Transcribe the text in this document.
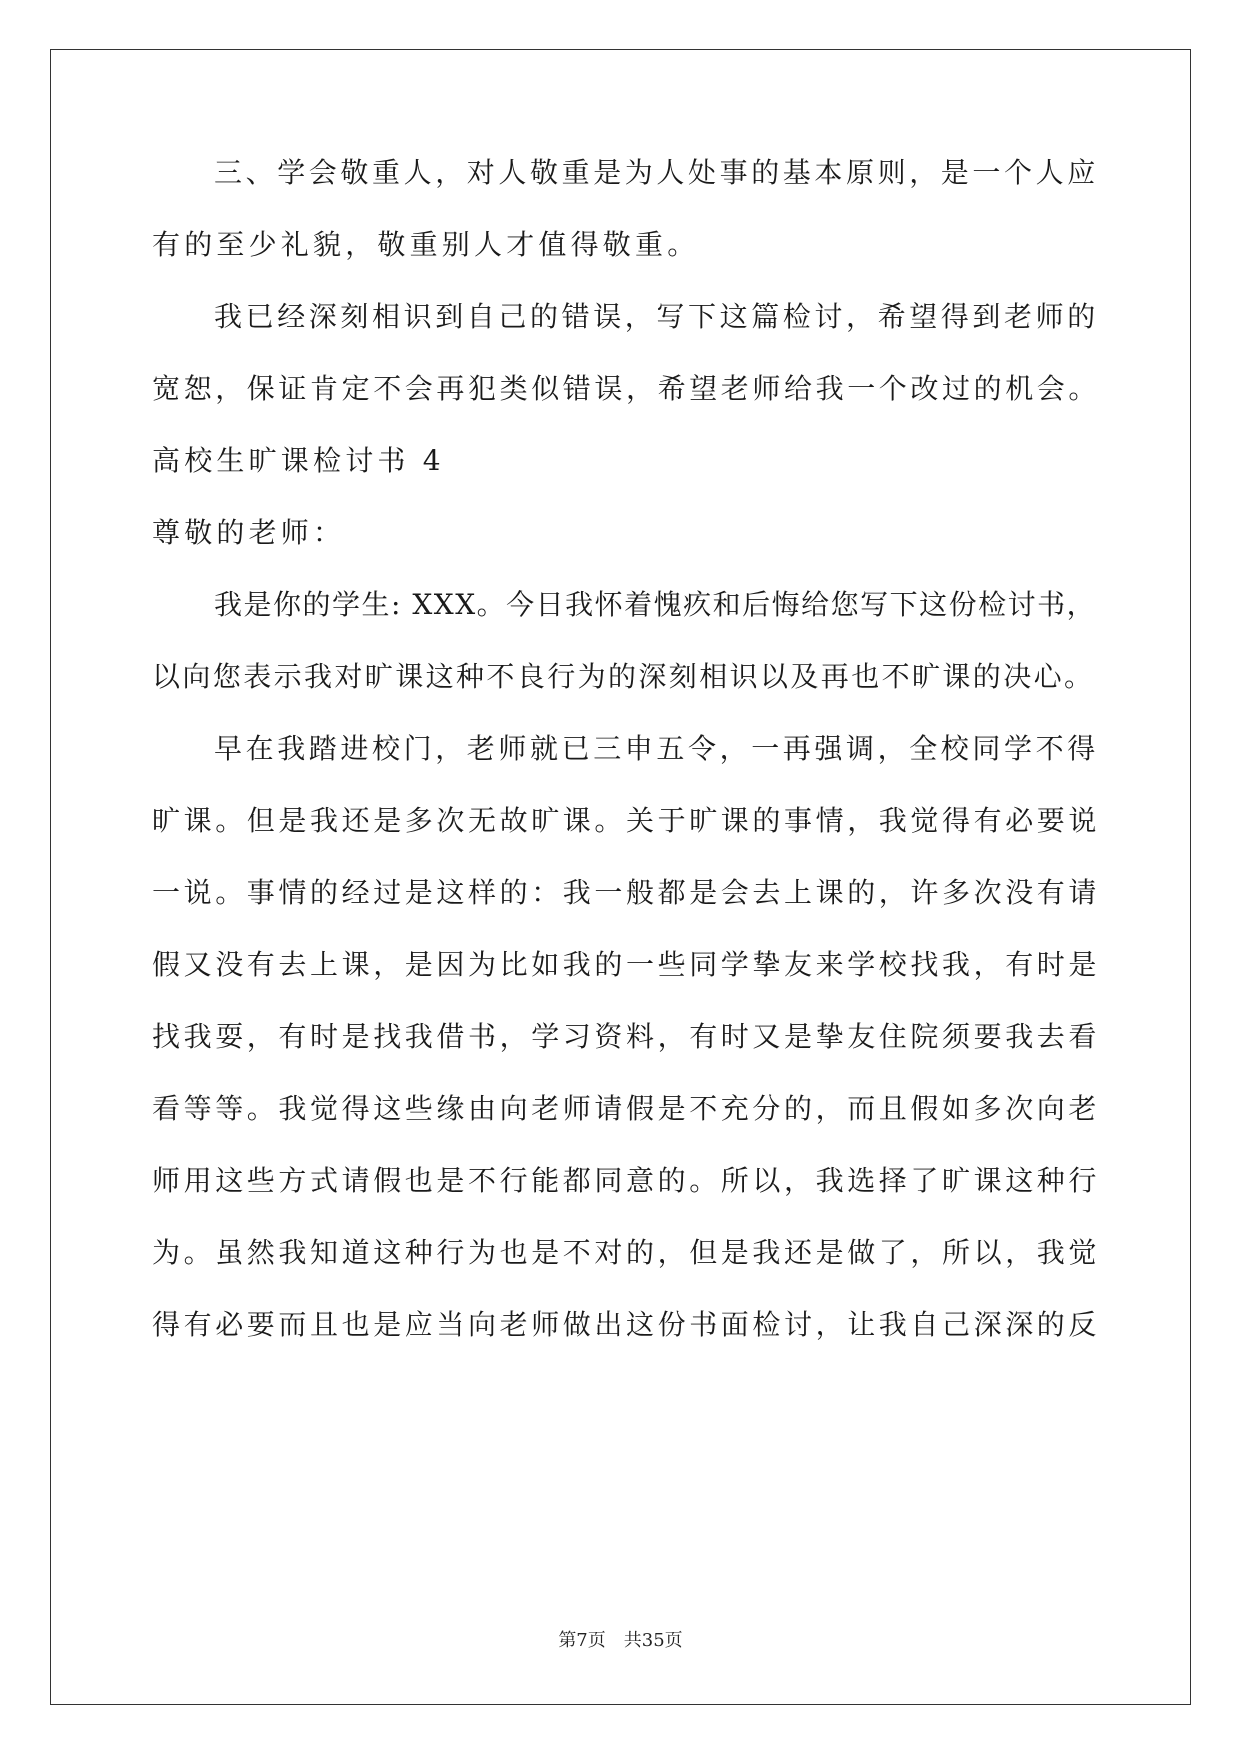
三、学会敬重人，对人敬重是为人处事的基本原则，是一个人应
有的至少礼貌，敬重别人才值得敬重。
我已经深刻相识到自己的错误，写下这篇检讨，希望得到老师的
宽恕，保证肯定不会再犯类似错误，希望老师给我一个改过的机会。
高校生旷课检讨书 4
尊敬的老师：
我是你的学生: XXX。今日我怀着愧疚和后悔给您写下这份检讨书，
以向您表示我对旷课这种不良行为的深刻相识以及再也不旷课的决心。
早在我踏进校门，老师就已三申五令，一再强调，全校同学不得
旷课。但是我还是多次无故旷课。关于旷课的事情，我觉得有必要说
一说。事情的经过是这样的：我一般都是会去上课的，许多次没有请
假又没有去上课，是因为比如我的一些同学挚友来学校找我，有时是
找我耍，有时是找我借书，学习资料，有时又是挚友住院须要我去看
看等等。我觉得这些缘由向老师请假是不充分的，而且假如多次向老
师用这些方式请假也是不行能都同意的。所以，我选择了旷课这种行
为。虽然我知道这种行为也是不对的，但是我还是做了，所以，我觉
得有必要而且也是应当向老师做出这份书面检讨，让我自己深深的反
第7页 共35页
